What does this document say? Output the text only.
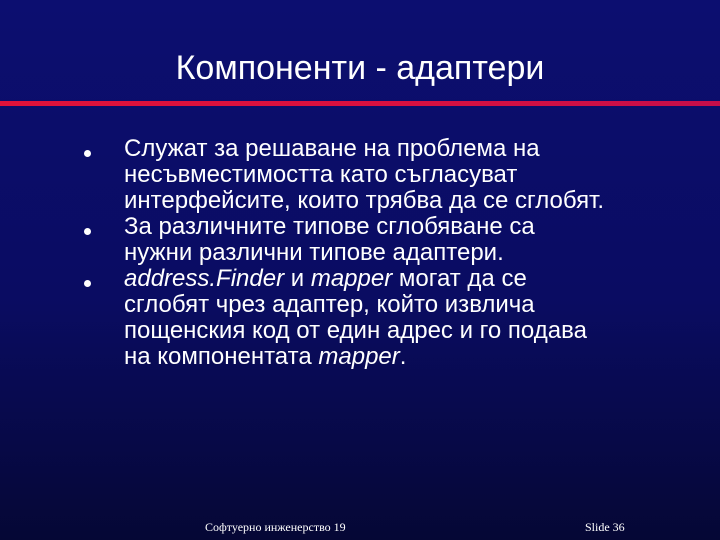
Компоненти - адаптери
Служат за решаване на проблема на
несъвместимостта като съгласуват
интерфейсите, които трябва да се сглобят.
За различните типове сглобяване са
нужни различни типове адаптери.
address.Finder и mapper могат да се
сглобят чрез адаптер, който извлича
пощенския код от един адрес и го подава
на компонентата mapper.
Софтуерно инженерство 19	Slide 36
